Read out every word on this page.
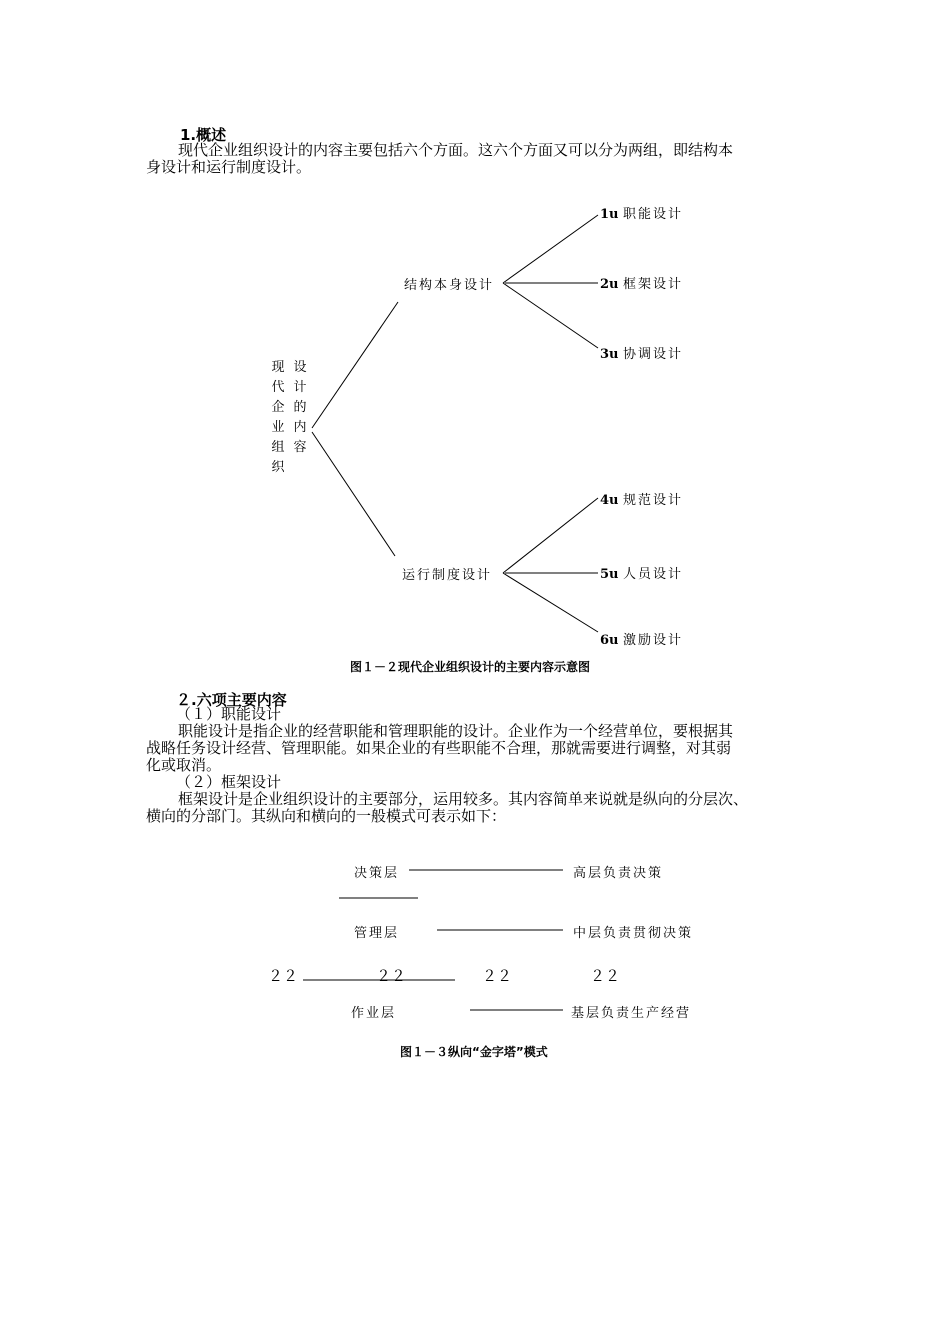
1.概述
现代企业组织设计的内容主要包括六个方面。这六个方面又可以分为两组，即结构本
身设计和运行制度设计。
现代企业组织
设计的内容
结构本身设计
运行制度设计
1u 职能设计
2u 框架设计
3u 协调设计
4u 规范设计
5u 人员设计
6u 激励设计
图１－２现代企业组织设计的主要内容示意图
２.六项主要内容
（１）职能设计
职能设计是指企业的经营职能和管理职能的设计。企业作为一个经营单位，要根据其
战略任务设计经营、管理职能。如果企业的有些职能不合理，那就需要进行调整，对其弱
化或取消。
（２）框架设计
框架设计是企业组织设计的主要部分，运用较多。其内容简单来说就是纵向的分层次、
横向的分部门。其纵向和横向的一般模式可表示如下：
决策层	高层负责决策
管理层	中层负责贯彻决策
作业层	基层负责生产经营
２２	２２	２２	２２
图１－３纵向“金字塔”模式
